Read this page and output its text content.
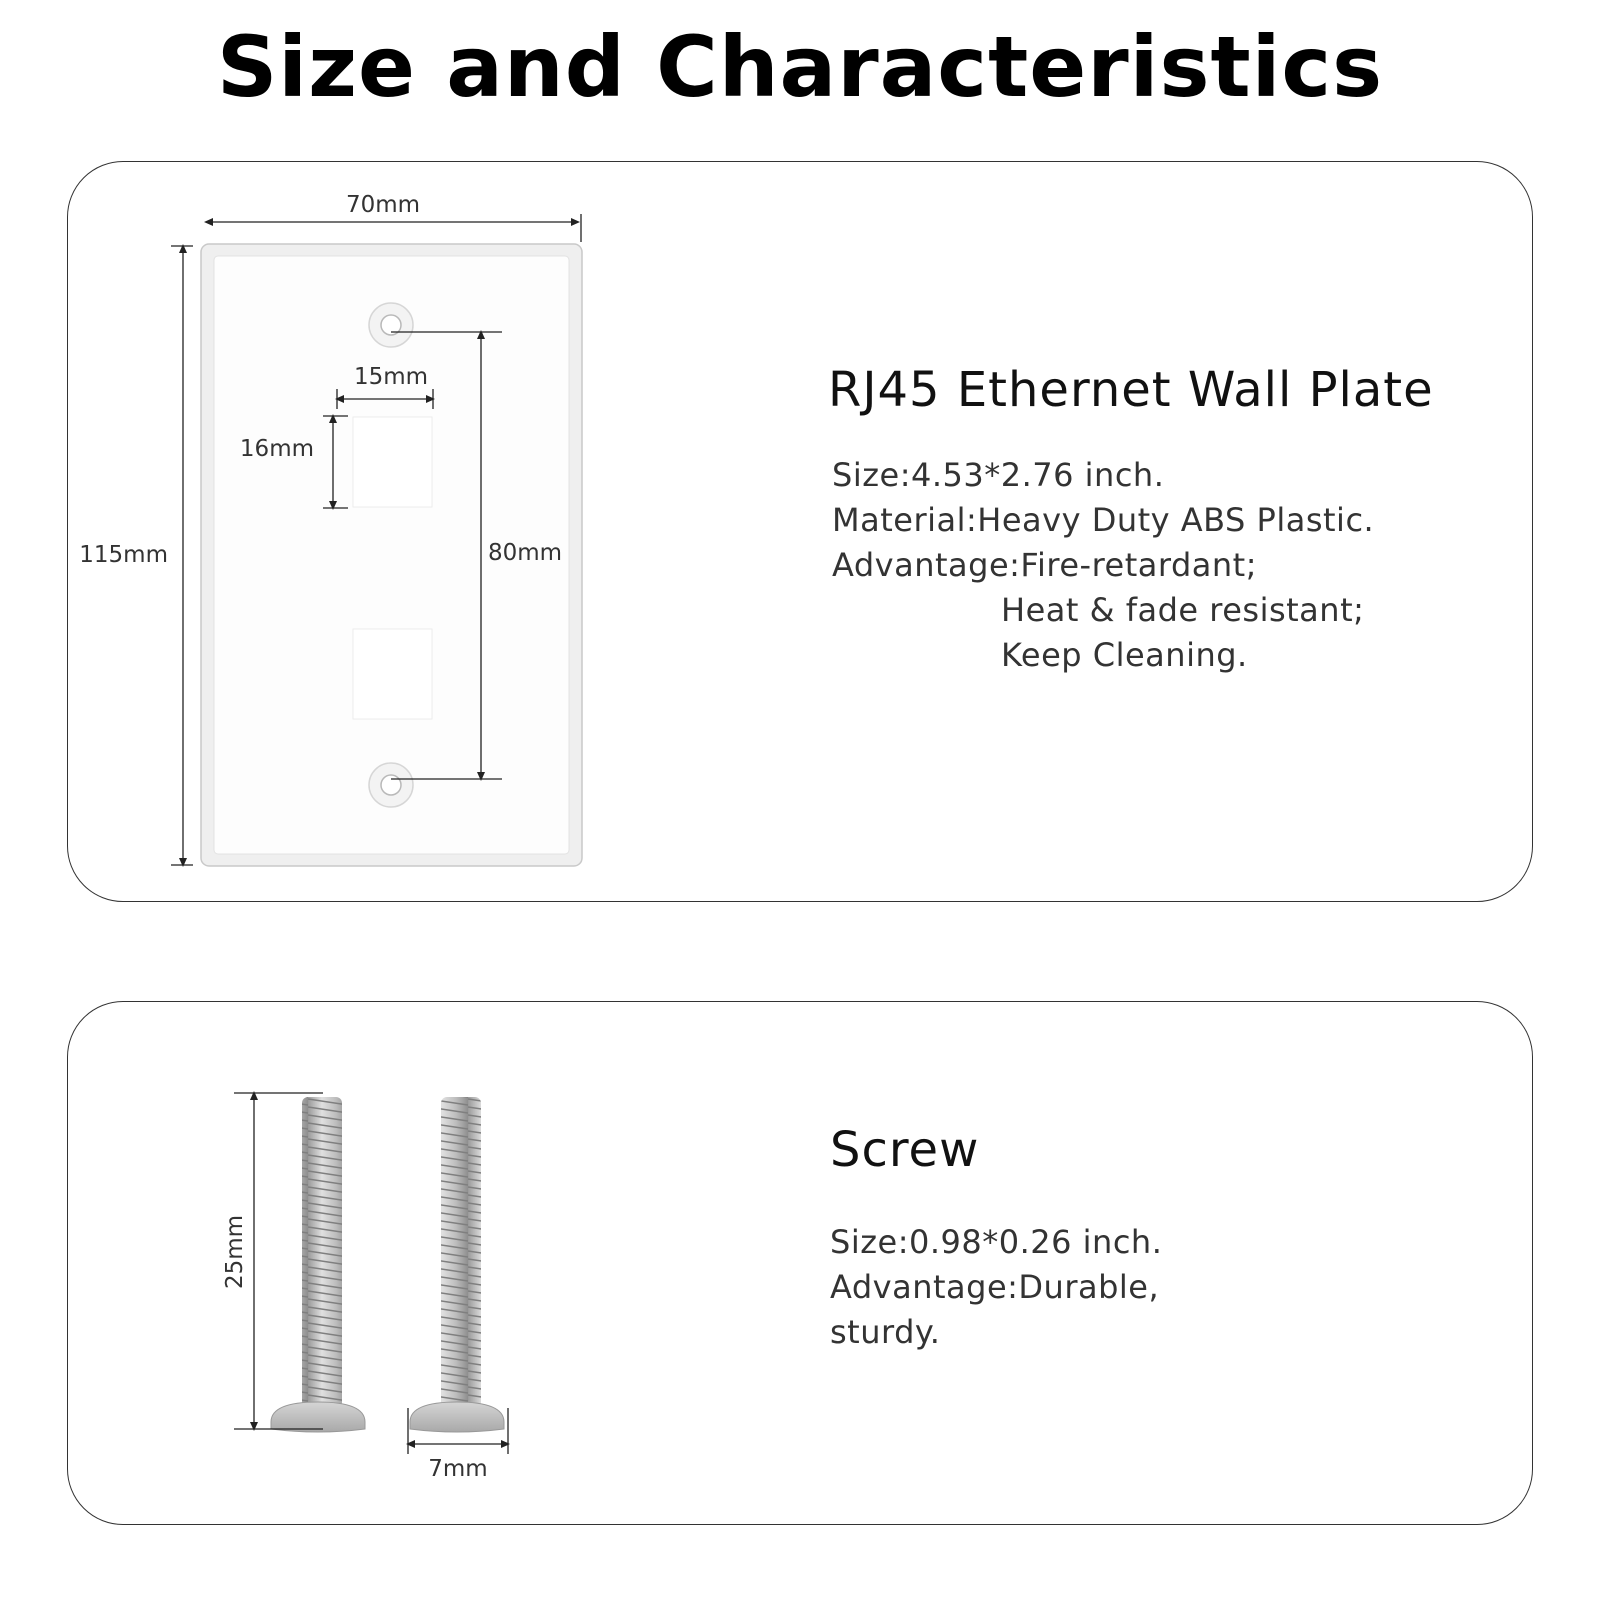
Size and Characteristics
70mm
115mm
15mm
16mm
80mm
RJ45 Ethernet Wall Plate

Size:4.53*2.76 inch.

Material:Heavy Duty ABS Plastic.

Advantage:Fire-retardant;

Heat & fade resistant;

Keep Cleaning.

25mm
7mm
Screw

Size:0.98*0.26 inch.

Advantage:Durable,

sturdy.
